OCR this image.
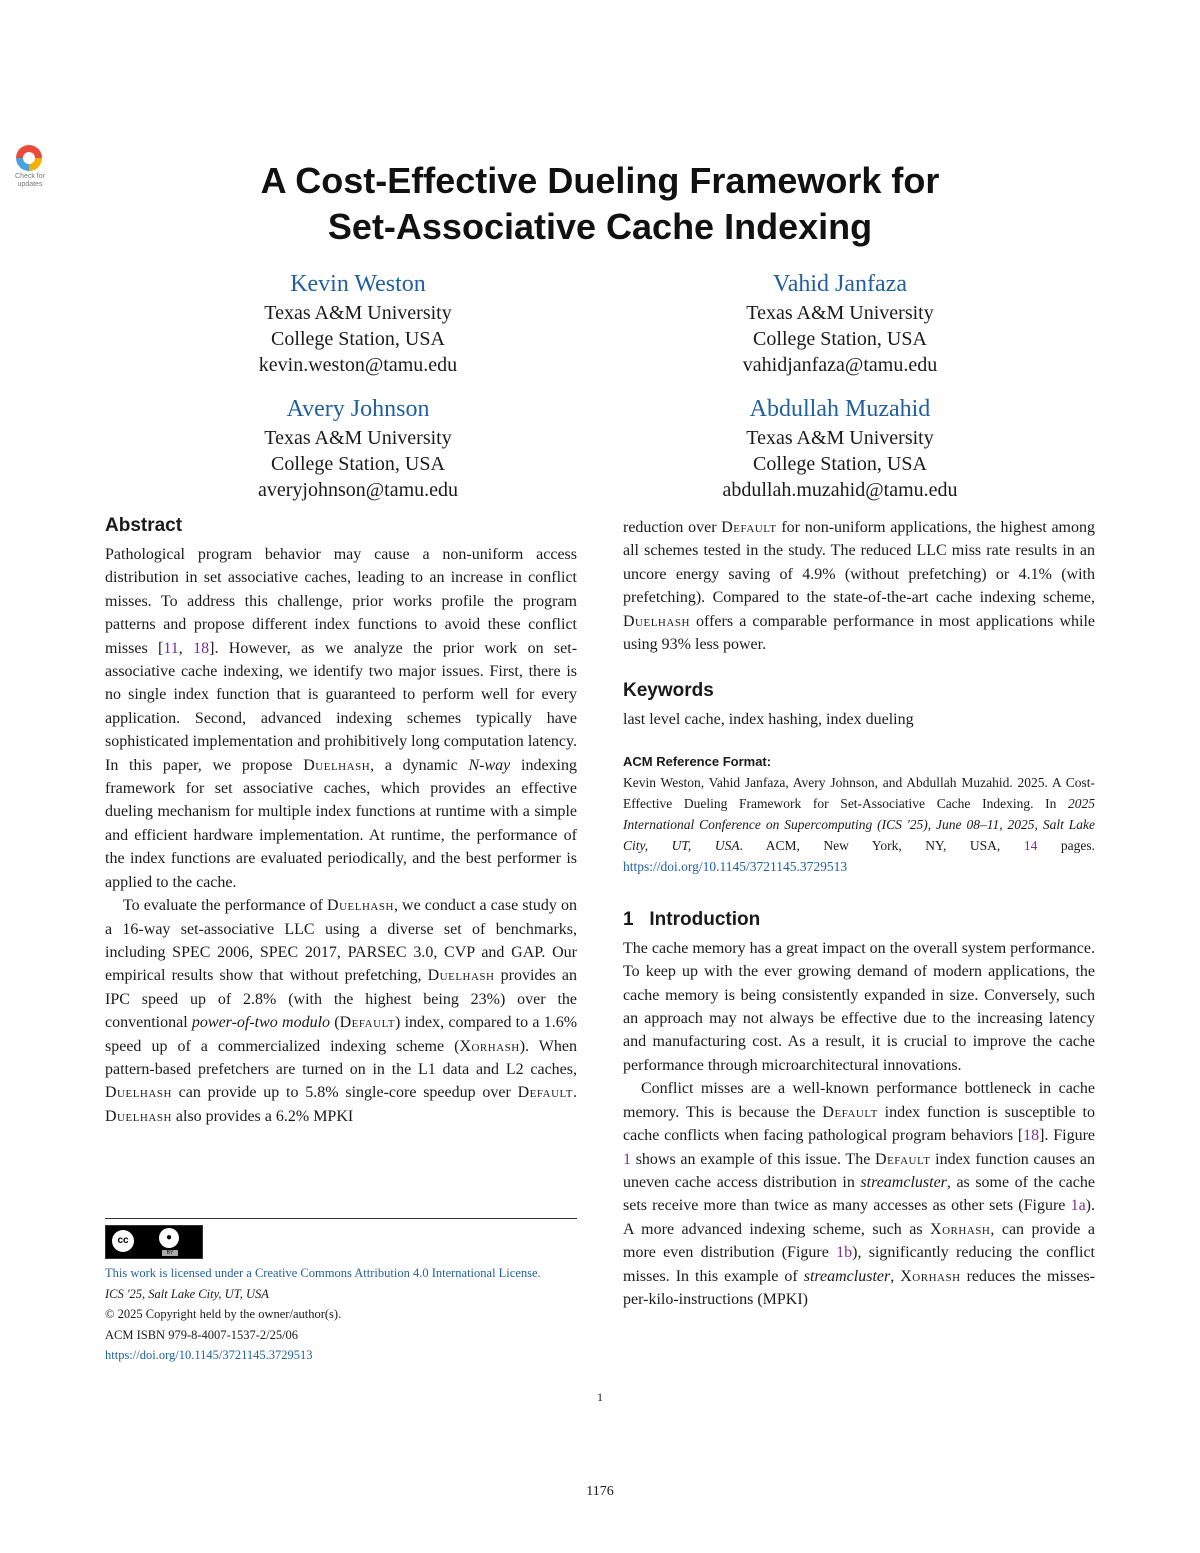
Check for updates	A Cost-Effective Dueling Framework for
Set-Associative Cache Indexing
Kevin Weston
Texas A&M University
College Station, USA
kevin.weston@tamu.edu
Vahid Janfaza
Texas A&M University
College Station, USA
vahidjanfaza@tamu.edu
Avery Johnson
Texas A&M University
College Station, USA
averyjohnson@tamu.edu
Abdullah Muzahid
Texas A&M University
College Station, USA
abdullah.muzahid@tamu.edu
Abstract

Pathological program behavior may cause a non-uniform access distribution in set associative caches, leading to an increase in conflict misses. To address this challenge, prior works profile the program patterns and propose different index functions to avoid these conflict misses [11, 18]. However, as we analyze the prior work on set-associative cache indexing, we identify two major issues. First, there is no single index function that is guaranteed to perform well for every application. Second, advanced indexing schemes typically have sophisticated implementation and prohibitively long computation latency. In this paper, we propose Duelhash, a dynamic N-way indexing framework for set associative caches, which provides an effective dueling mechanism for multiple index functions at runtime with a simple and efficient hardware implementation. At runtime, the performance of the index functions are evaluated periodically, and the best performer is applied to the cache.

To evaluate the performance of Duelhash, we conduct a case study on a 16-way set-associative LLC using a diverse set of benchmarks, including SPEC 2006, SPEC 2017, PARSEC 3.0, CVP and GAP. Our empirical results show that without prefetching, Duelhash provides an IPC speed up of 2.8% (with the highest being 23%) over the conventional power-of-two modulo (Default) index, compared to a 1.6% speed up of a commercialized indexing scheme (Xorhash). When pattern-based prefetchers are turned on in the L1 data and L2 caches, Duelhash can provide up to 5.8% single-core speedup over Default. Duelhash also provides a 6.2% MPKI

cc	●
BY

This work is licensed under a Creative Commons Attribution 4.0 International License.

ICS '25, Salt Lake City, UT, USA

© 2025 Copyright held by the owner/author(s).

ACM ISBN 979-8-4007-1537-2/25/06

https://doi.org/10.1145/3721145.3729513

reduction over Default for non-uniform applications, the highest among all schemes tested in the study. The reduced LLC miss rate results in an uncore energy saving of 4.9% (without prefetching) or 4.1% (with prefetching). Compared to the state-of-the-art cache indexing scheme, Duelhash offers a comparable performance in most applications while using 93% less power.

Keywords

last level cache, index hashing, index dueling

ACM Reference Format:

Kevin Weston, Vahid Janfaza, Avery Johnson, and Abdullah Muzahid. 2025. A Cost-Effective Dueling Framework for Set-Associative Cache Indexing. In 2025 International Conference on Supercomputing (ICS '25), June 08–11, 2025, Salt Lake City, UT, USA. ACM, New York, NY, USA, 14 pages. https://doi.org/10.1145/3721145.3729513

1   Introduction

The cache memory has a great impact on the overall system performance. To keep up with the ever growing demand of modern applications, the cache memory is being consistently expanded in size. Conversely, such an approach may not always be effective due to the increasing latency and manufacturing cost. As a result, it is crucial to improve the cache performance through microarchitectural innovations.

Conflict misses are a well-known performance bottleneck in cache memory. This is because the Default index function is susceptible to cache conflicts when facing pathological program behaviors [18]. Figure 1 shows an example of this issue. The Default index function causes an uneven cache access distribution in streamcluster, as some of the cache sets receive more than twice as many accesses as other sets (Figure 1a). A more advanced indexing scheme, such as Xorhash, can provide a more even distribution (Figure 1b), significantly reducing the conflict misses. In this example of streamcluster, Xorhash reduces the misses-per-kilo-instructions (MPKI)

1
1176
